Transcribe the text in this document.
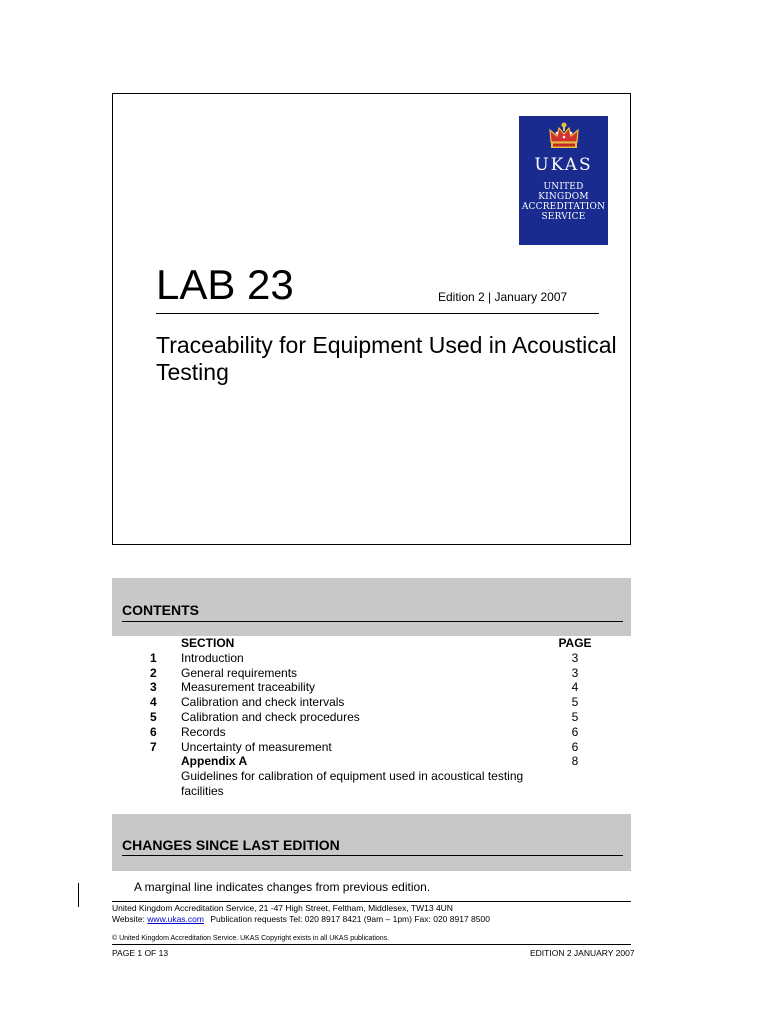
UKAS
UNITED
KINGDOM
ACCREDITATION
SERVICE
LAB 23	Edition 2 | January 2007
Traceability for Equipment Used in Acoustical
Testing
CONTENTS
SECTION	PAGE
1 Introduction	3
2 General requirements	3
3 Measurement traceability	4
4 Calibration and check intervals	5
5 Calibration and check procedures	5
6 Records	6
7 Uncertainty of measurement	6
Appendix A	8
Guidelines for calibration of equipment used in acoustical testing
facilities
CHANGES SINCE LAST EDITION
A marginal line indicates changes from previous edition.
United Kingdom Accreditation Service, 21 -47 High Street, Feltham, Middlesex, TW13 4UN
Website: www.ukas.com Publication requests Tel: 020 8917 8421 (9am – 1pm) Fax: 020 8917 8500
© United Kingdom Accreditation Service. UKAS Copyright exists in all UKAS publications.
PAGE 1 OF 13	EDITION 2 JANUARY 2007
